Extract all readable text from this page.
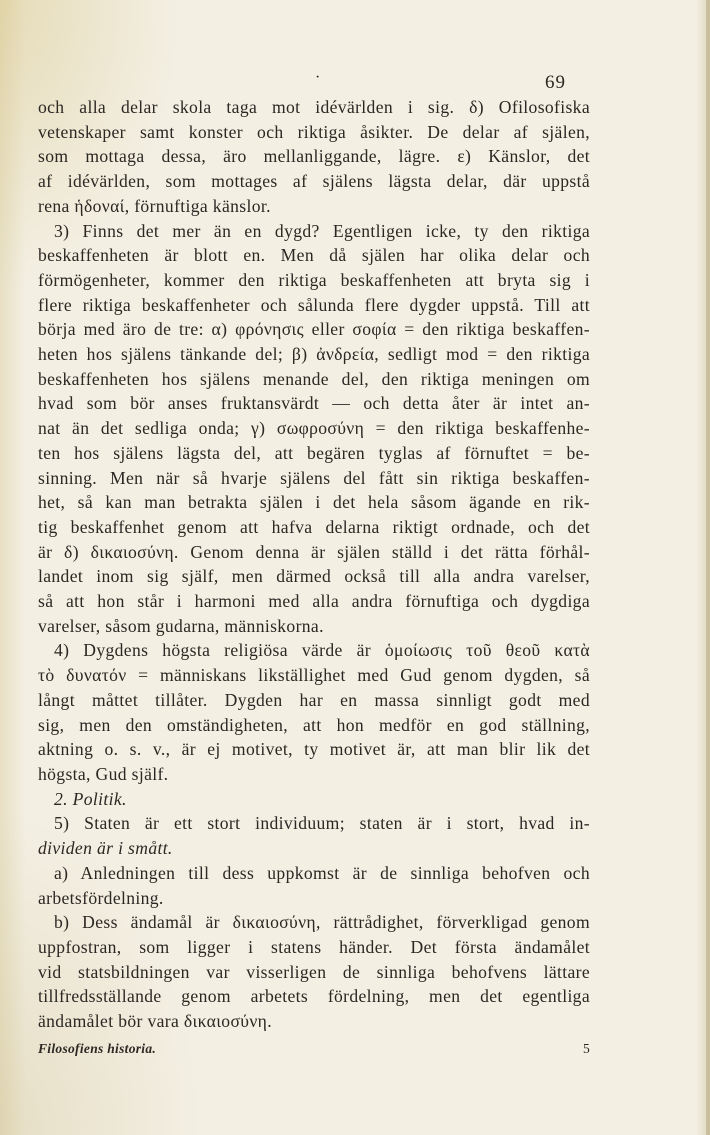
·	69
och alla delar skola taga mot idévärlden i sig. δ) Ofilosofiska
vetenskaper samt konster och riktiga åsikter. De delar af själen,
som mottaga dessa, äro mellanliggande, lägre. ε) Känslor, det
af idévärlden, som mottages af själens lägsta delar, där uppstå
rena ἡδοναί, förnuftiga känslor.
3) Finns det mer än en dygd? Egentligen icke, ty den riktiga
beskaffenheten är blott en. Men då själen har olika delar och
förmögenheter, kommer den riktiga beskaffenheten att bryta sig i
flere riktiga beskaffenheter och sålunda flere dygder uppstå. Till att
börja med äro de tre: α) φρόνησις eller σοφία = den riktiga beskaffen-
heten hos själens tänkande del; β) ἀνδρεία, sedligt mod = den riktiga
beskaffenheten hos själens menande del, den riktiga meningen om
hvad som bör anses fruktansvärdt — och detta åter är intet an-
nat än det sedliga onda; γ) σωφροσύνη = den riktiga beskaffenhe-
ten hos själens lägsta del, att begären tyglas af förnuftet = be-
sinning. Men när så hvarje själens del fått sin riktiga beskaffen-
het, så kan man betrakta själen i det hela såsom ägande en rik-
tig beskaffenhet genom att hafva delarna riktigt ordnade, och det
är δ) δικαιοσύνη. Genom denna är själen ställd i det rätta förhål-
landet inom sig själf, men därmed också till alla andra varelser,
så att hon står i harmoni med alla andra förnuftiga och dygdiga
varelser, såsom gudarna, människorna.
4) Dygdens högsta religiösa värde är ὁμοίωσις τοῦ θεοῦ κατὰ
τὸ δυνατόν = människans likställighet med Gud genom dygden, så
långt måttet tillåter. Dygden har en massa sinnligt godt med
sig, men den omständigheten, att hon medför en god ställning,
aktning o. s. v., är ej motivet, ty motivet är, att man blir lik det
högsta, Gud själf.
2. Politik.
5) Staten är ett stort individuum; staten är i stort, hvad in-
dividen är i smått.
a) Anledningen till dess uppkomst är de sinnliga behofven och
arbetsfördelning.
b) Dess ändamål är δικαιοσύνη, rättrådighet, förverkligad genom
uppfostran, som ligger i statens händer. Det första ändamålet
vid statsbildningen var visserligen de sinnliga behofvens lättare
tillfredsställande genom arbetets fördelning, men det egentliga
ändamålet bör vara δικαιοσύνη.
Filosofiens historia.	5
